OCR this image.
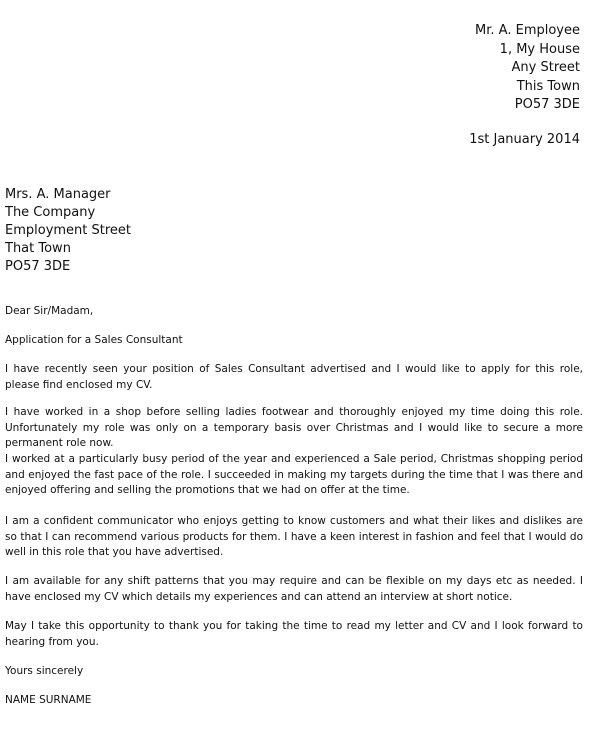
Mr. A. Employee
1, My House
Any Street
This Town
PO57 3DE
1st January 2014
Mrs. A. Manager
The Company
Employment Street
That Town
PO57 3DE
Dear Sir/Madam,
Application for a Sales Consultant
I have recently seen your position of Sales Consultant advertised and I would like to apply for this role, please find enclosed my CV.
I have worked in a shop before selling ladies footwear and thoroughly enjoyed my time doing this role. Unfortunately my role was only on a temporary basis over Christmas and I would like to secure a more permanent role now.
I worked at a particularly busy period of the year and experienced a Sale period, Christmas shopping period and enjoyed the fast pace of the role. I succeeded in making my targets during the time that I was there and enjoyed offering and selling the promotions that we had on offer at the time.
I am a confident communicator who enjoys getting to know customers and what their likes and dislikes are so that I can recommend various products for them. I have a keen interest in fashion and feel that I would do well in this role that you have advertised.
I am available for any shift patterns that you may require and can be flexible on my days etc as needed. I have enclosed my CV which details my experiences and can attend an interview at short notice.
May I take this opportunity to thank you for taking the time to read my letter and CV and I look forward to hearing from you.
Yours sincerely
NAME SURNAME
